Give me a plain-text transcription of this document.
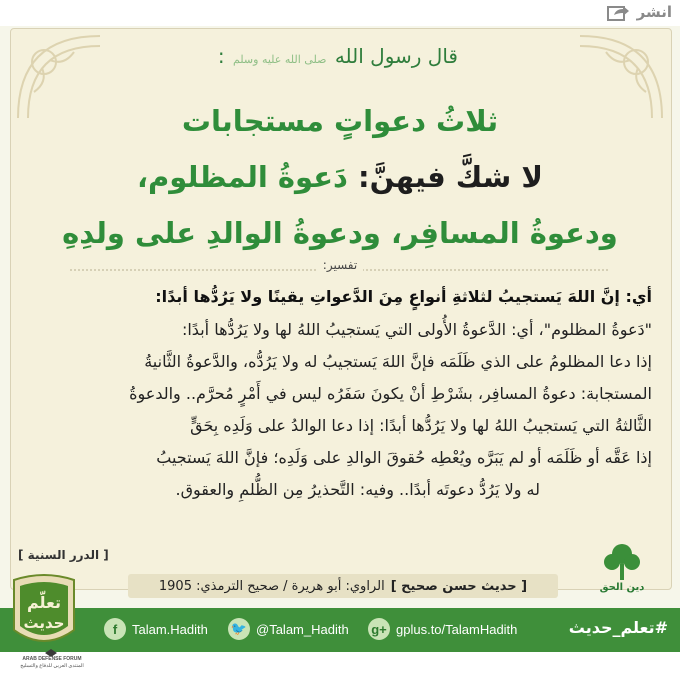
انشر
قال رسول الله صلى الله عليه وسلم :
ثلاثُ دعواتٍ مستجابات
لا شكَّ فيهنَّ: دَعوةُ المظلوم،
ودعوةُ المسافِر، ودعوةُ الوالدِ على ولدِهِ
تفسير:
أي: إنَّ اللهَ يَستجيبُ لثلاثةِ أنواعٍ مِنَ الدَّعواتِ يقينًا ولا يَرُدُّها أبدًا:
"دَعوةُ المظلوم"، أي: الدَّعوةُ الأُولى التي يَستجيبُ اللهُ لها ولا يَرُدُّها أبدًا:
إذا دعا المظلومُ على الذي ظَلَمَه فإنَّ اللهَ يَستجيبُ له ولا يَرُدُّه، والدَّعوةُ الثَّانيةُ
المستجابة: دعوةُ المسافِر، بشَرْطِ أنْ يكونَ سَفَرُه ليس في أَمْرٍ مُحرَّم.. والدعوةُ
الثَّالثةُ التي يَستجيبُ اللهُ لها ولا يَرُدُّها أبدًا: إذا دعا الوالدُ على وَلَدِه بِحَقٍّ
إذا عَقَّه أو ظَلَمَه أو لم يَبَرَّه ويُعْطِه حُقوقَ الوالدِ على وَلَدِه؛ فإنَّ اللهَ يَستجيبُ
له ولا يَرُدُّ دعوتَه أبدًا.. وفيه: التَّحذيرُ مِن الظُّلمِ والعقوق.
[ الدرر السنية ]
[ حديث حسن صحيح ]
الراوي: أبو هريرة / صحيح الترمذي: 1905	دين الحق
f	Talam.Hadith 🐦 @Talam_Hadith g+ gplus.to/TalamHadith	#تعلم_حديث
تعلّم
حديث
ARAB DEFENSE FORUM
المنتدى العربي للدفاع والتسليح
